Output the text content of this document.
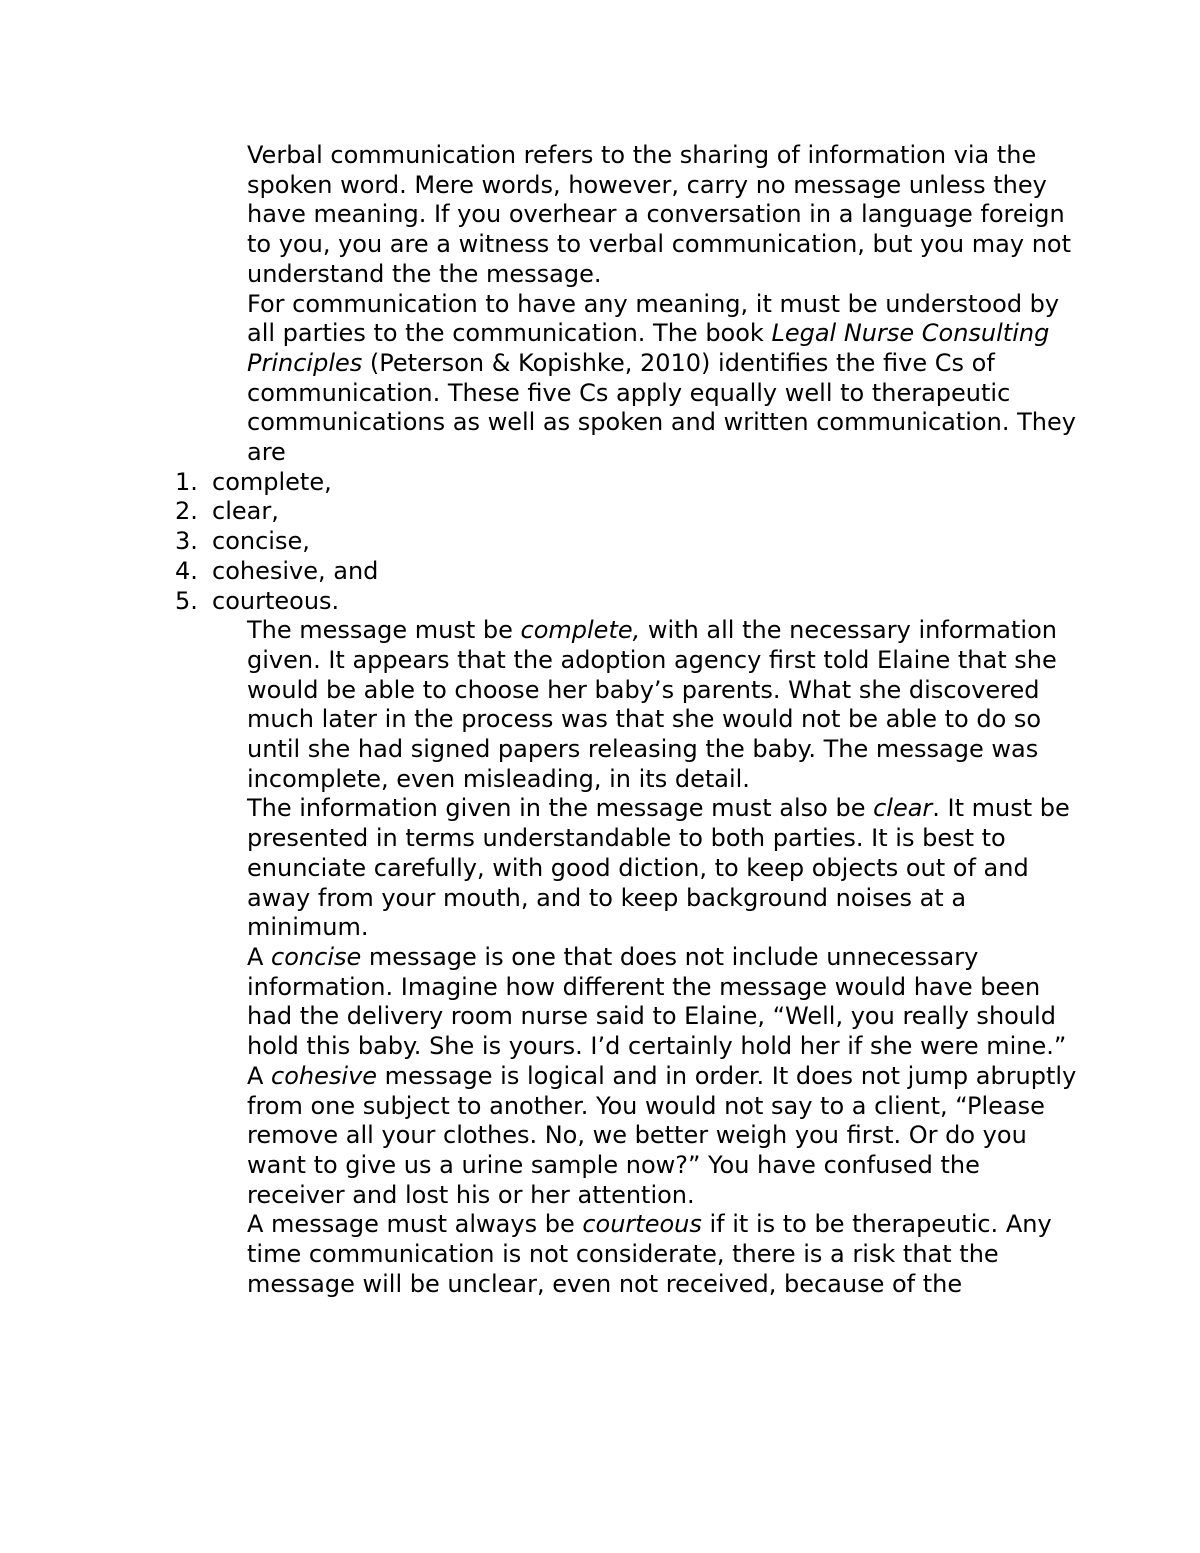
Verbal communication refers to the sharing of information via the spoken word. Mere words, however, carry no message unless they have meaning. If you overhear a conversation in a language foreign to you, you are a witness to verbal communication, but you may not understand the the message.

For communication to have any meaning, it must be understood by all parties to the communication. The book Legal Nurse Consulting Principles (Peterson & Kopishke, 2010) identifies the five Cs of communication. These five Cs apply equally well to therapeutic communications as well as spoken and written communication. They are

1. complete,
2. clear,
3. concise,
4. cohesive, and
5. courteous.

The message must be complete, with all the necessary information given. It appears that the adoption agency first told Elaine that she would be able to choose her baby’s parents. What she discovered much later in the process was that she would not be able to do so until she had signed papers releasing the baby. The message was incomplete, even misleading, in its detail.

The information given in the message must also be clear. It must be presented in terms understandable to both parties. It is best to enunciate carefully, with good diction, to keep objects out of and away from your mouth, and to keep background noises at a minimum.

A concise message is one that does not include unnecessary information. Imagine how different the message would have been had the delivery room nurse said to Elaine, “Well, you really should hold this baby. She is yours. I’d certainly hold her if she were mine.”

A cohesive message is logical and in order. It does not jump abruptly from one subject to another. You would not say to a client, “Please remove all your clothes. No, we better weigh you first. Or do you want to give us a urine sample now?” You have confused the receiver and lost his or her attention.

A message must always be courteous if it is to be therapeutic. Any time communication is not considerate, there is a risk that the message will be unclear, even not received, because of the
